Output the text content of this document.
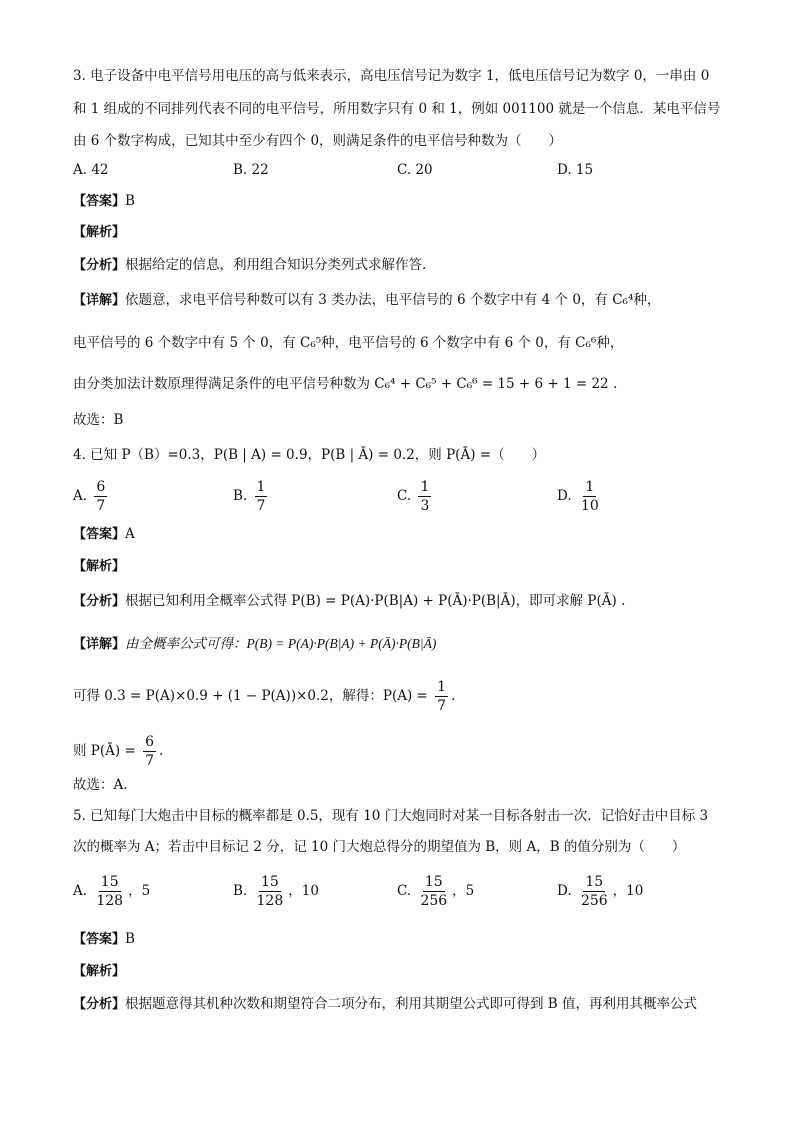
3. 电子设备中电平信号用电压的高与低来表示，高电压信号记为数字 1，低电压信号记为数字 0，一串由 0
和 1 组成的不同排列代表不同的电平信号，所用数字只有 0 和 1，例如 001100 就是一个信息．某电平信号
由 6 个数字构成，已知其中至少有四个 0，则满足条件的电平信号种数为（　　）
A. 42	B. 22	C. 20	D. 15
【答案】B
【解析】
【分析】根据给定的信息，利用组合知识分类列式求解作答.
【详解】依题意，求电平信号种数可以有 3 类办法，电平信号的 6 个数字中有 4 个 0，有 C₆⁴种，
电平信号的 6 个数字中有 5 个 0，有 C₆⁵种，电平信号的 6 个数字中有 6 个 0，有 C₆⁶种，
由分类加法计数原理得满足条件的电平信号种数为 C₆⁴ + C₆⁵ + C₆⁶ = 15 + 6 + 1 = 22 .
故选：B
4. 已知 P（B）=0.3，P(B | A) = 0.9，P(B | Ā) = 0.2，则 P(Ā) =（　　）
A. $\frac{6}{7}$	B. $\frac{1}{7}$	C. $\frac{1}{3}$	D. $\frac{1}{10}$
【答案】A
【解析】
【分析】根据已知利用全概率公式得 P(B) = P(A)·P(B|A) + P(Ā)·P(B|Ā)，即可求解 P(Ā) .
【详解】由全概率公式可得：P(B) = P(A)·P(B|A) + P(Ā)·P(B|Ā)
可得 0.3 = P(A)×0.9 + (1 − P(A))×0.2，解得：$P(A) = \frac{1}{7}$ .
则 P(Ā) = $\frac{6}{7}$ .
故选：A.
5. 已知每门大炮击中目标的概率都是 0.5，现有 10 门大炮同时对某一目标各射击一次．记恰好击中目标 3
次的概率为 A；若击中目标记 2 分，记 10 门大炮总得分的期望值为 B，则 A，B 的值分别为（　　）
A. $\frac{15}{128}$ ，5	B. $\frac{15}{128}$ ，10	C. $\frac{15}{256}$ ，5	D. $\frac{15}{256}$ ，10
【答案】B
【解析】
【分析】根据题意得其机种次数和期望符合二项分布，利用其期望公式即可得到 B 值，再利用其概率公式
